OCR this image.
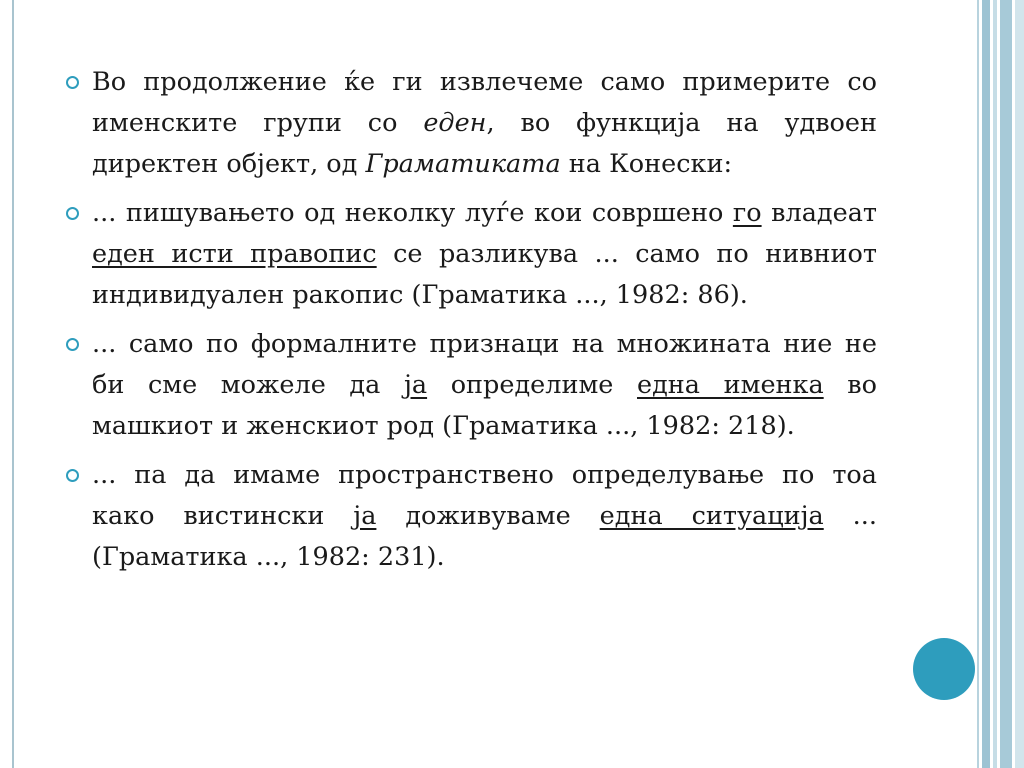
Во продолжение ќе ги извлечеме само примерите со именските групи со еден, во функција на удвоен директен објект, од Граматиката на Конески:
... пишувањето од неколку луѓе кои совршено го владеат еден исти правопис се разликува ... само по нивниот индивидуален ракопис (Граматика ..., 1982: 86).
... само по формалните признаци на множината ние не би сме можеле да ја определиме една именка во машкиот и женскиот род (Граматика ..., 1982: 218).
... па да имаме пространствено определување по тоа како вистински ја доживуваме една ситуација ... (Граматика ..., 1982: 231).
